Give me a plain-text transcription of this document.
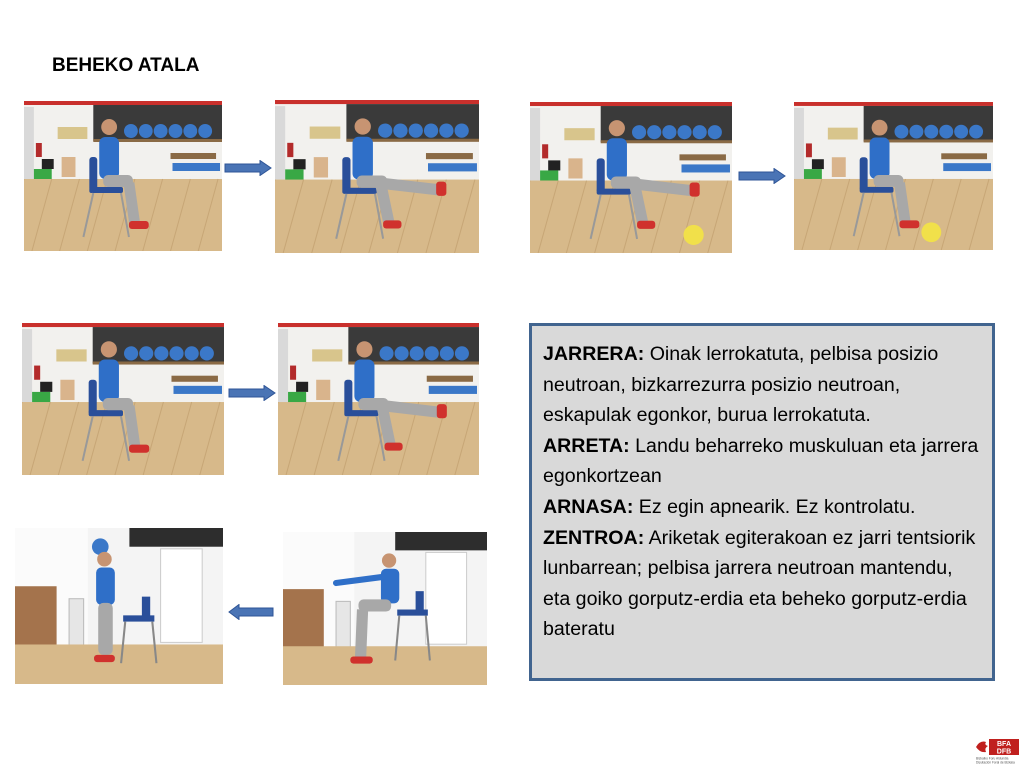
BEHEKO ATALA

JARRERA: Oinak lerrokatuta, pelbisa posizio neutroan, bizkarrezurra posizio neutroan, eskapulak egonkor, burua lerrokatuta.

ARRETA: Landu beharreko muskuluan eta jarrera egonkortzean

ARNASA: Ez egin apnearik. Ez kontrolatu.

ZENTROA: Ariketak egiterakoan ez jarri tentsiorik lunbarrean; pelbisa jarrera neutroan mantendu, eta goiko gorputz-erdia eta beheko gorputz-erdia bateratu

BFA
DFB
Bizkaiko Foru Aldundia
Diputación Foral de Bizkaia
